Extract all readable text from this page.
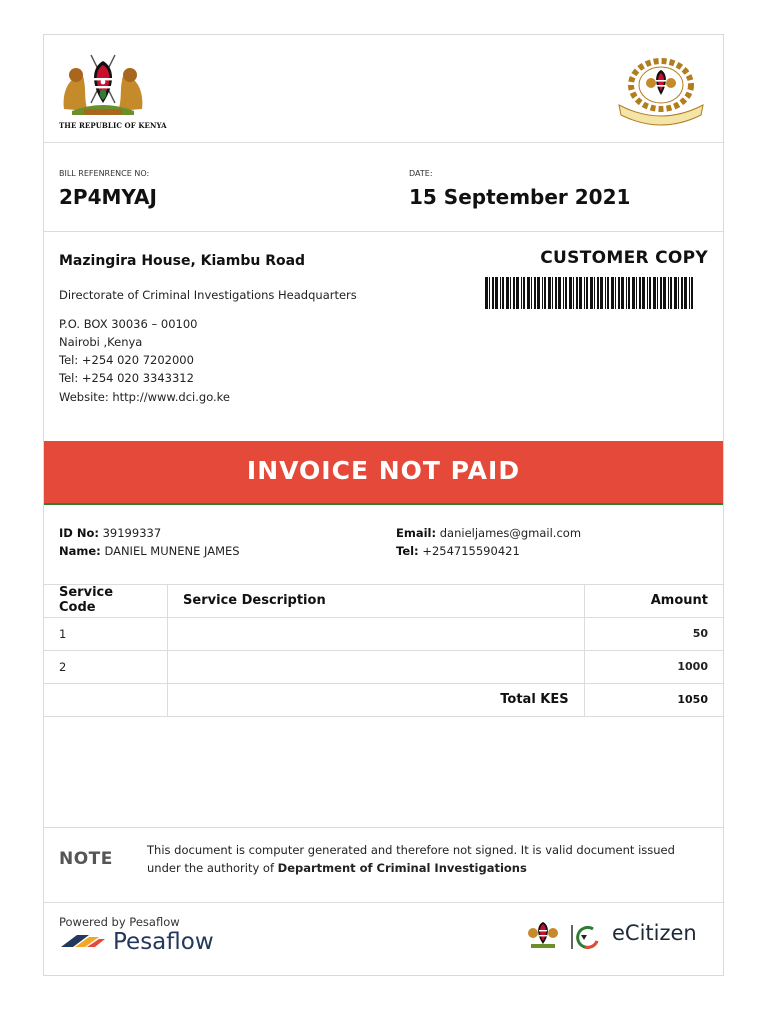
THE REPUBLIC OF KENYA
BILL REFENRENCE NO:
2P4MYAJ
DATE:
15 September 2021
Mazingira House, Kiambu Road
Directorate of Criminal Investigations Headquarters
P.O. BOX 30036 – 00100
Nairobi ,Kenya
Tel: +254 020 7202000
Tel: +254 020 3343312
Website: http://www.dci.go.ke
CUSTOMER COPY
INVOICE NOT PAID
ID No: 39199337
Name: DANIEL MUNENE JAMES
Email: danieljames@gmail.com
Tel: +254715590421
Service Code	Service Description	Amount
1		50
2		1000
	Total KES	1050
NOTE	This document is computer generated and therefore not signed. It is valid document issued under the authority of Department of Criminal Investigations
Powered by Pesaflow
Pesaflow	eCitizen
